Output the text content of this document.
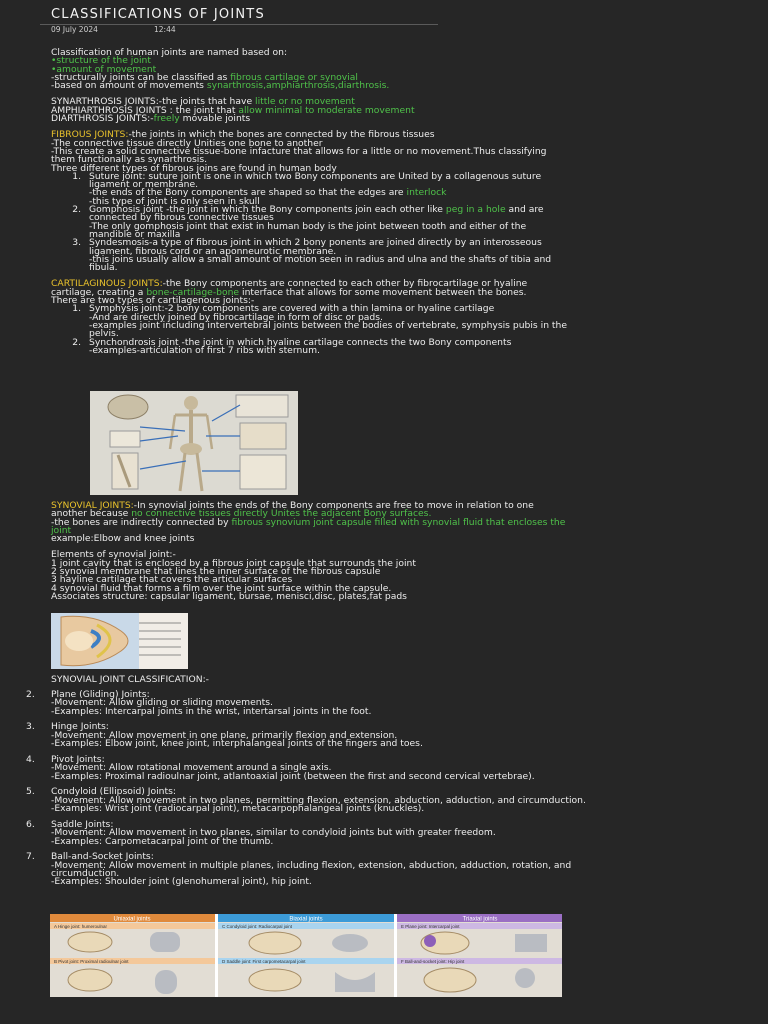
CLASSIFICATIONS OF JOINTS
09 July 2024	12:44

Classification of human joints are named based on:

•structure of the joint

•amount of movement

-structurally joints can be classified as fibrous cartilage or synovial

-based on amount of movements synarthrosis,amphiarthrosis,diarthrosis.

SYNARTHROSIS JOINTS:-the joints that have little or no movement

AMPHIARTHROSIS JOINTS : the joint that allow minimal to moderate movement

DIARTHROSIS JOINTS:-freely movable joints

FIBROUS JOINTS:-the joints in which the bones are connected by the fibrous tissues

-The connective tissue directly Unities one bone to another

-This create a solid connective tissue-bone infacture that allows for a little or no movement.Thus classifying them functionally as synarthrosis.

Three different types of fibrous joins are found in human body

1. Suture joint: suture joint is one in which two Bony components are United by a collagenous suture ligament or membrane.

-the ends of the Bony components are shaped so that the edges are interlock

-this type of joint is only seen in skull

2. Gomphosis joint -the joint in which the Bony components join each other like peg in a hole and are connected by fibrous connective tissues

-The only gomphosis joint that exist in human body is the joint between tooth and either of the mandible or maxilla

3. Syndesmosis-a type of fibrous joint in which 2 bony ponents are joined directly by an interosseous ligament, fibrous cord or an aponneurotic membrane.

-this joins usually allow a small amount of motion seen in radius and ulna and the shafts of tibia and fibula.

CARTILAGINOUS JOINTS:-the Bony components are connected to each other by fibrocartilage or hyaline cartilage, creating a bone-cartilage-bone interface that allows for some movement between the bones.

There are two types of cartilagenous joints:-

1. Symphysis joint:-2 bony components are covered with a thin lamina or hyaline cartilage

-And are directly joined by fibrocartilage in form of disc or pads.

-examples joint including intervertebral joints between the bodies of vertebrate, symphysis pubis in the pelvis.

2. Synchondrosis joint -the joint in which hyaline cartilage connects the two Bony components

-examples-articulation of first 7 ribs with sternum.

SYNOVIAL JOINTS:-In synovial joints the ends of the Bony components are free to move in relation to one another because no connective tissues directly Unites the adjacent Bony surfaces.

-the bones are indirectly connected by fibrous synovium joint capsule filled with synovial fluid that encloses the joint

example:Elbow and knee joints

Elements of synovial joint:-

1 joint cavity that is enclosed by a fibrous joint capsule that surrounds the joint

2 synovial membrane that lines the inner surface of the fibrous capsule

3 hayline cartilage that covers the articular surfaces

4 synovial fluid that forms a film over the joint surface within the capsule.

Associates structure: capsular ligament, bursae, menisci,disc, plates,fat pads

SYNOVIAL JOINT CLASSIFICATION:-

2.	Plane (Gliding) Joints:

-Movement: Allow gliding or sliding movements.

-Examples: Intercarpal joints in the wrist, intertarsal joints in the foot.

3.	Hinge Joints:

-Movement: Allow movement in one plane, primarily flexion and extension.

-Examples: Elbow joint, knee joint, interphalangeal joints of the fingers and toes.

4.	Pivot Joints:

-Movement: Allow rotational movement around a single axis.

-Examples: Proximal radioulnar joint, atlantoaxial joint (between the first and second cervical vertebrae).

5.	Condyloid (Ellipsoid) Joints:

-Movement: Allow movement in two planes, permitting flexion, extension, abduction, adduction, and circumduction.

-Examples: Wrist joint (radiocarpal joint), metacarpophalangeal joints (knuckles).

6.	Saddle Joints:

-Movement: Allow movement in two planes, similar to condyloid joints but with greater freedom.

-Examples: Carpometacarpal joint of the thumb.

7.	Ball-and-Socket Joints:

-Movement: Allow movement in multiple planes, including flexion, extension, abduction, adduction, rotation, and circumduction.

-Examples: Shoulder joint (glenohumeral joint), hip joint.

Uniaxial joints	Biaxial joints	Triaxial joints
A Hinge joint: humeroulnar	C Condyloid joint: Radiocarpal joint	E Plane joint: Intercarpal joint
B Pivot joint: Proximal radioulnar joint	D Saddle joint: First carpometacarpal joint	F Ball-and-socket joint: Hip joint
